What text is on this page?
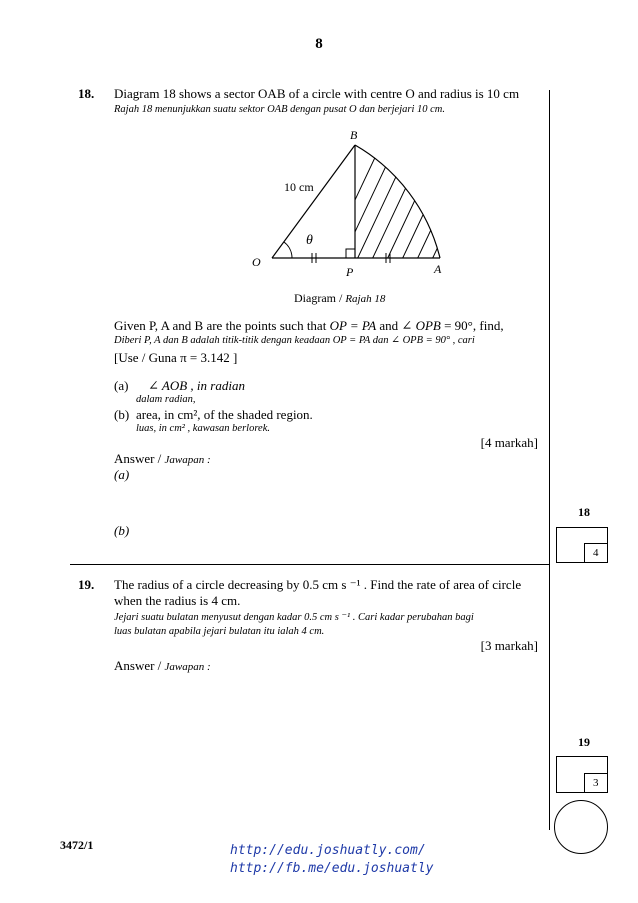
8
18. Diagram 18 shows a sector OAB of a circle with centre O and radius is 10 cm
Rajah 18 menunjukkan suatu sektor OAB dengan pusat O dan berjejari 10 cm.
B
O
P	A
10 cm
θ
Diagram / Rajah 18
Given P, A and B are the points such that OP = PA and ∠ OPB = 90°, find,
Diberi P, A dan B adalah titik-titik dengan keadaan OP = PA dan ∠ OPB = 90° , cari
[Use / Guna π = 3.142 ]
(a) ∠ AOB , in radian
dalam radian,
(b) area, in cm², of the shaded region.
luas, in cm² , kawasan berlorek.
[4 markah]
Answer / Jawapan :
(a)
(b)
18
4
19. The radius of a circle decreasing by 0.5 cm s ⁻¹ . Find the rate of area of circle
when the radius is 4 cm.
Jejari suatu bulatan menyusut dengan kadar 0.5 cm s ⁻¹ . Cari kadar perubahan bagi
luas bulatan apabila jejari bulatan itu ialah 4 cm.
[3 markah]
Answer / Jawapan :
19
3
3472/1	http://edu.joshuatly.com/
http://fb.me/edu.joshuatly
